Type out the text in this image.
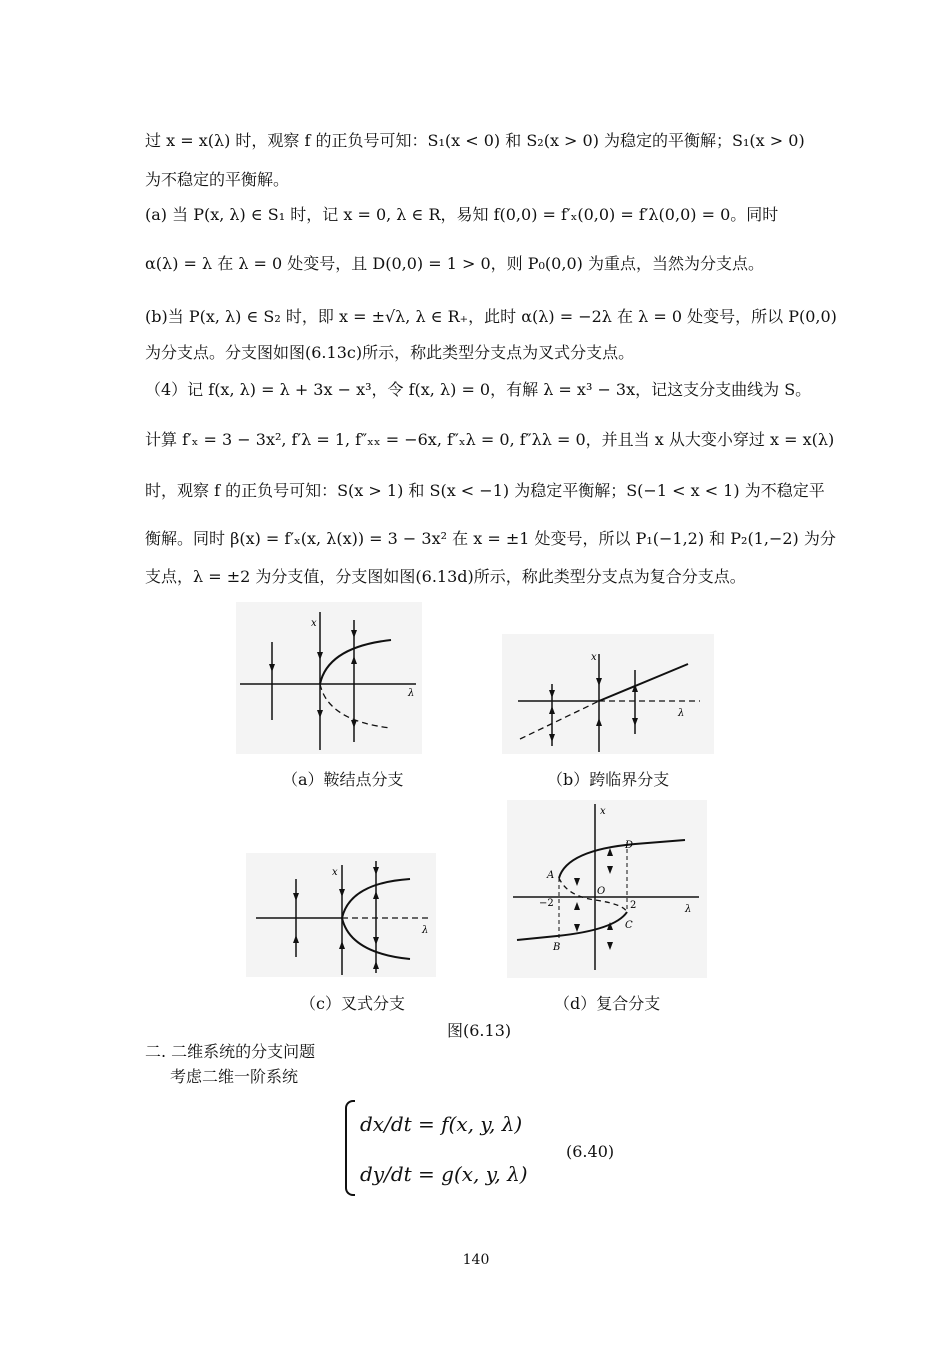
过 x = x(λ) 时，观察 f 的正负号可知：S₁(x < 0) 和 S₂(x > 0) 为稳定的平衡解；S₁(x > 0)
为不稳定的平衡解。
(a) 当 P(x, λ) ∈ S₁ 时，记 x = 0, λ ∈ R，易知 f(0,0) = f′ₓ(0,0) = f′λ(0,0) = 0。同时
α(λ) = λ 在 λ = 0 处变号，且 D(0,0) = 1 > 0，则 P₀(0,0) 为重点，当然为分支点。
(b)当 P(x, λ) ∈ S₂ 时，即 x = ±√λ, λ ∈ R₊，此时 α(λ) = −2λ 在 λ = 0 处变号，所以 P(0,0)
为分支点。分支图如图(6.13c)所示，称此类型分支点为叉式分支点。
（4）记 f(x, λ) = λ + 3x − x³，令 f(x, λ) = 0，有解 λ = x³ − 3x，记这支分支曲线为 S。
计算 f′ₓ = 3 − 3x², f′λ = 1, f″ₓₓ = −6x, f″ₓλ = 0, f″λλ = 0，并且当 x 从大变小穿过 x = x(λ)
时，观察 f 的正负号可知：S(x > 1) 和 S(x < −1) 为稳定平衡解；S(−1 < x < 1) 为不稳定平
衡解。同时 β(x) = f′ₓ(x, λ(x)) = 3 − 3x² 在 x = ±1 处变号，所以 P₁(−1,2) 和 P₂(1,−2) 为分
支点，λ = ±2 为分支值，分支图如图(6.13d)所示，称此类型分支点为复合分支点。
x
λ
（a）鞍结点分支
x
λ
（b）跨临界分支
x
λ
（c）叉式分支
x
λ
−2	2
A
B
C
D
O
（d）复合分支
图(6.13)
二. 二维系统的分支问题
考虑二维一阶系统
dx/dt = f(x, y, λ)
dy/dt = g(x, y, λ)
(6.40)
140
